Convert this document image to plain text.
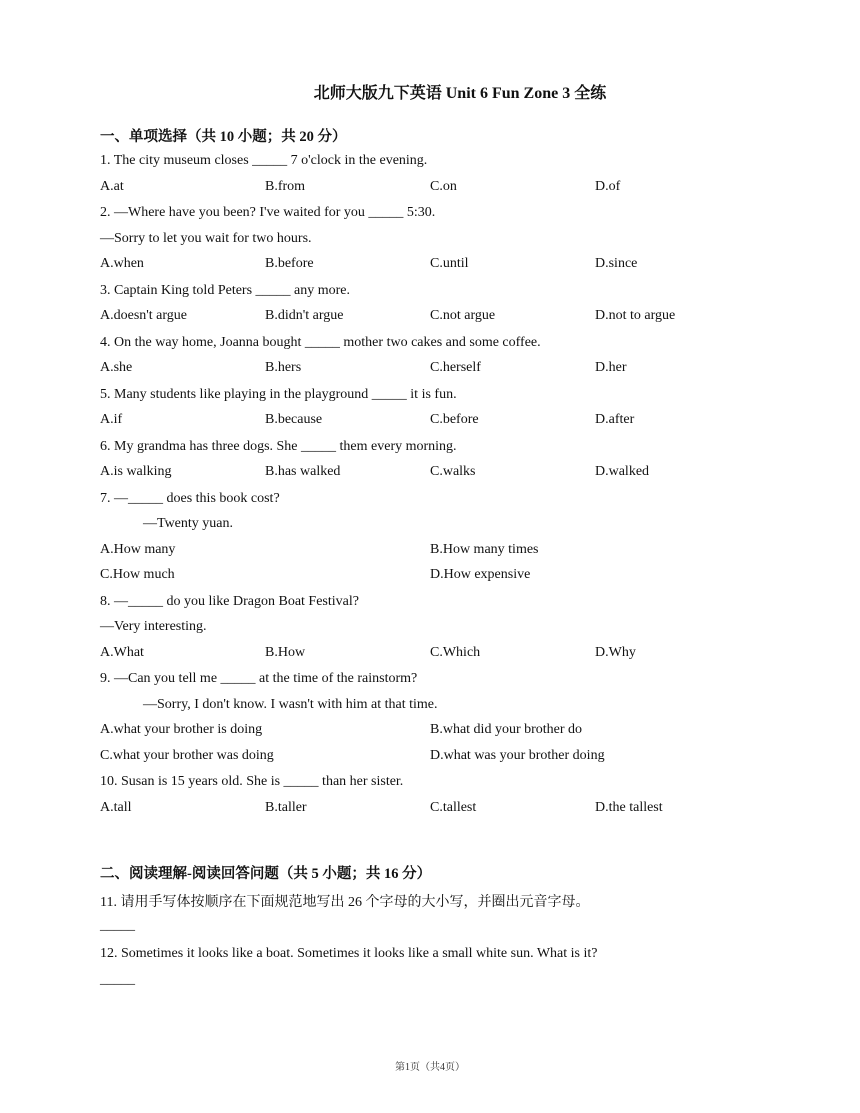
北师大版九下英语 Unit 6 Fun Zone 3 全练
一、单项选择（共 10 小题；共 20 分）
1. The city museum closes _____ 7 o'clock in the evening.
A.at	B.from	C.on	D.of
2. —Where have you been? I've waited for you _____ 5:30.
—Sorry to let you wait for two hours.
A.when	B.before	C.until	D.since
3. Captain King told Peters _____ any more.
A.doesn't argue	B.didn't argue	C.not argue	D.not to argue
4. On the way home, Joanna bought _____ mother two cakes and some coffee.
A.she	B.hers	C.herself	D.her
5. Many students like playing in the playground _____ it is fun.
A.if	B.because	C.before	D.after
6. My grandma has three dogs. She _____ them every morning.
A.is walking	B.has walked	C.walks	D.walked
7. —_____ does this book cost?
—Twenty yuan.
A.How many	B.How many times
C.How much	D.How expensive
8. —_____ do you like Dragon Boat Festival?
—Very interesting.
A.What	B.How	C.Which	D.Why
9. —Can you tell me _____ at the time of the rainstorm?
—Sorry, I don't know. I wasn't with him at that time.
A.what your brother is doing	B.what did your brother do
C.what your brother was doing	D.what was your brother doing
10. Susan is 15 years old. She is _____ than her sister.
A.tall	B.taller	C.tallest	D.the tallest
二、阅读理解-阅读回答问题（共 5 小题；共 16 分）
11. 请用手写体按顺序在下面规范地写出 26 个字母的大小写，并圈出元音字母。
_____
12. Sometimes it looks like a boat. Sometimes it looks like a small white sun. What is it?
_____
第1页（共4页）
